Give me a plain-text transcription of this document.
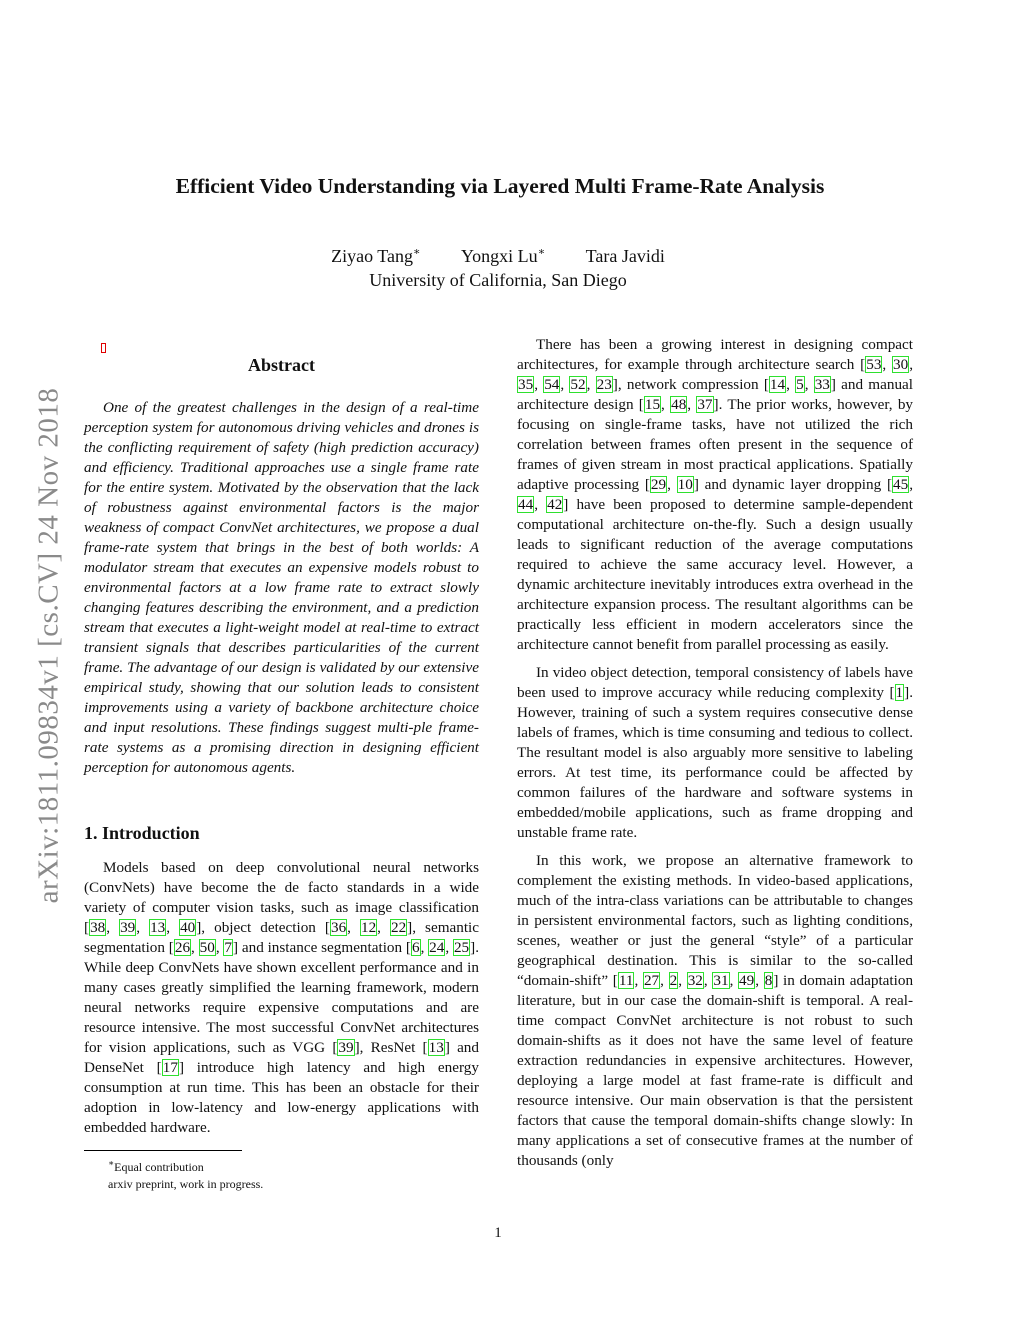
arXiv:1811.09834v1 [cs.CV] 24 Nov 2018
Efficient Video Understanding via Layered Multi Frame-Rate Analysis
Ziyao Tang∗ Yongxi Lu∗ Tara Javidi
University of California, San Diego
Abstract

One of the greatest challenges in the design of a real-time perception system for autonomous driving vehicles and drones is the conflicting requirement of safety (high prediction accuracy) and efficiency. Traditional approaches use a single frame rate for the entire system. Motivated by the observation that the lack of robustness against environmental factors is the major weakness of compact ConvNet architectures, we propose a dual frame-rate system that brings in the best of both worlds: A modulator stream that executes an expensive models robust to environmental factors at a low frame rate to extract slowly changing features describing the environment, and a prediction stream that executes a light-weight model at real-time to extract transient signals that describes particularities of the current frame. The advantage of our design is validated by our extensive empirical study, showing that our solution leads to consistent improvements using a variety of backbone architecture choice and input resolutions. These findings suggest multi-ple frame-rate systems as a promising direction in designing efficient perception for autonomous agents.

1. Introduction

Models based on deep convolutional neural networks (ConvNets) have become the de facto standards in a wide variety of computer vision tasks, such as image classification [38, 39, 13, 40], object detection [36, 12, 22], semantic segmentation [26, 50, 7] and instance segmentation [6, 24, 25]. While deep ConvNets have shown excellent performance and in many cases greatly simplified the learning framework, modern neural networks require expensive computations and are resource intensive. The most successful ConvNet architectures for vision applications, such as VGG [39], ResNet [13] and DenseNet [17] introduce high latency and high energy consumption at run time. This has been an obstacle for their adoption in low-latency and low-energy applications with embedded hardware.

∗Equal contribution

arxiv preprint, work in progress.

There has been a growing interest in designing compact architectures, for example through architecture search [53, 30, 35, 54, 52, 23], network compression [14, 5, 33] and manual architecture design [15, 48, 37]. The prior works, however, by focusing on single-frame tasks, have not utilized the rich correlation between frames often present in the sequence of frames of given stream in most practical applications. Spatially adaptive processing [29, 10] and dynamic layer dropping [45, 44, 42] have been proposed to determine sample-dependent computational architecture on-the-fly. Such a design usually leads to significant reduction of the average computations required to achieve the same accuracy level. However, a dynamic architecture inevitably introduces extra overhead in the architecture expansion process. The resultant algorithms can be practically less efficient in modern accelerators since the architecture cannot benefit from parallel processing as easily.

In video object detection, temporal consistency of labels have been used to improve accuracy while reducing complexity [1]. However, training of such a system requires consecutive dense labels of frames, which is time consuming and tedious to collect. The resultant model is also arguably more sensitive to labeling errors. At test time, its performance could be affected by common failures of the hardware and software systems in embedded/mobile applications, such as frame dropping and unstable frame rate.

In this work, we propose an alternative framework to complement the existing methods. In video-based applications, much of the intra-class variations can be attributable to changes in persistent environmental factors, such as lighting conditions, scenes, weather or just the general “style” of a particular geographical destination. This is similar to the so-called “domain-shift” [11, 27, 2, 32, 31, 49, 8] in domain adaptation literature, but in our case the domain-shift is temporal. A real-time compact ConvNet architecture is not robust to such domain-shifts as it does not have the same level of feature extraction redundancies in expensive architectures. However, deploying a large model at fast frame-rate is difficult and resource intensive. Our main observation is that the persistent factors that cause the temporal domain-shifts change slowly: In many applications a set of consecutive frames at the number of thousands (only

1
